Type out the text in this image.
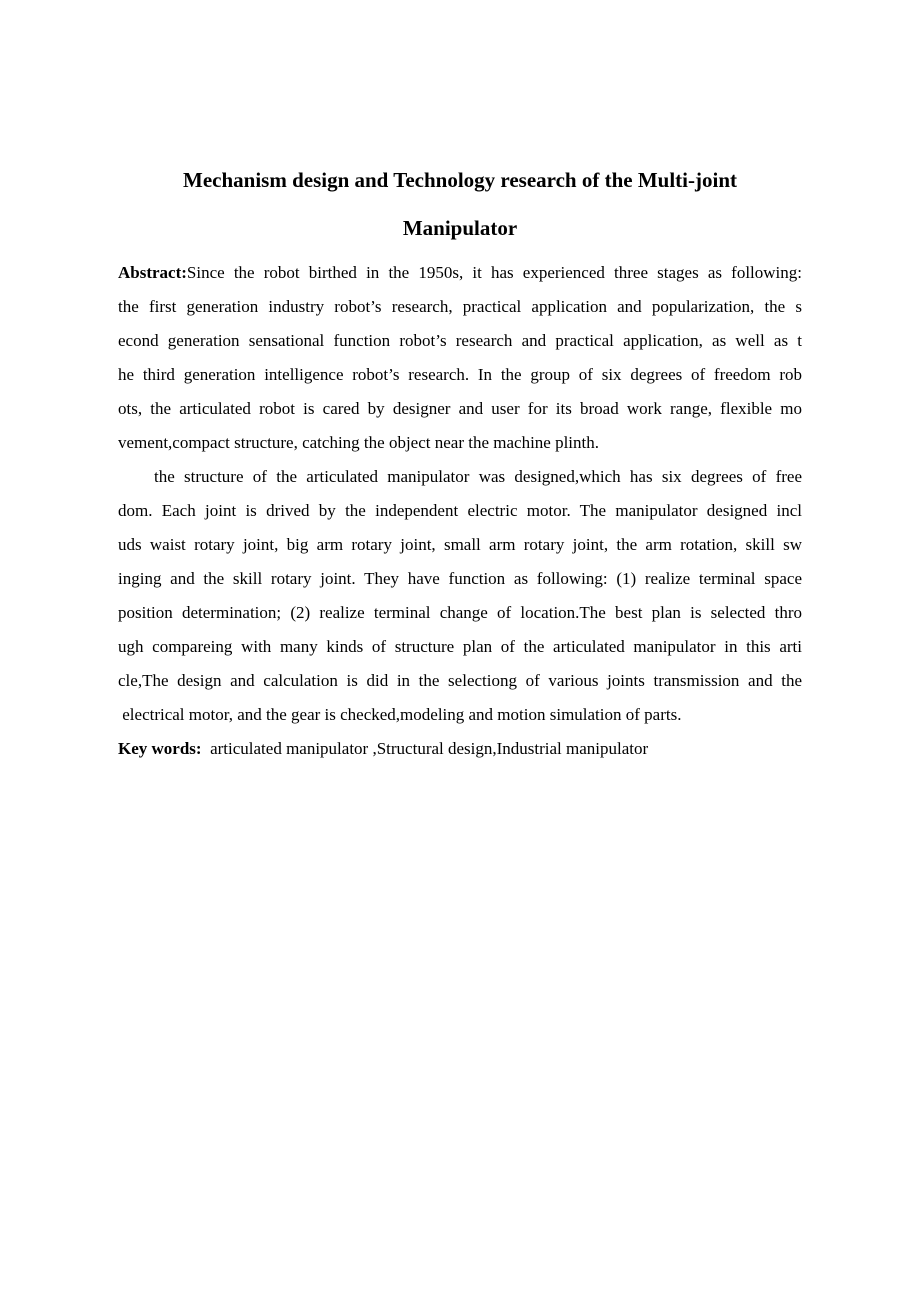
Mechanism design and Technology research of the Multi-joint
Manipulator
Abstract:Since the robot birthed in the 1950s, it has experienced three stages as following:
the first generation industry robot’s research, practical application and popularization, the s
econd generation sensational function robot’s research and practical application, as well as t
he third generation intelligence robot’s research. In the group of six degrees of freedom rob
ots, the articulated robot is cared by designer and user for its broad work range, flexible mo
vement,compact structure, catching the object near the machine plinth.
the structure of the articulated manipulator was designed,which has six degrees of free
dom. Each joint is drived by the independent electric motor. The manipulator designed incl
uds waist rotary joint, big arm rotary joint, small arm rotary joint, the arm rotation, skill sw
inging and the skill rotary joint. They have function as following: (1) realize terminal space
position determination; (2) realize terminal change of location.The best plan is selected thro
ugh compareing with many kinds of structure plan of the articulated manipulator in this arti
cle,The design and calculation is did in the selectiong of various joints transmission and the
electrical motor, and the gear is checked,modeling and motion simulation of parts.
Key words:  articulated manipulator ,Structural design,Industrial manipulator
